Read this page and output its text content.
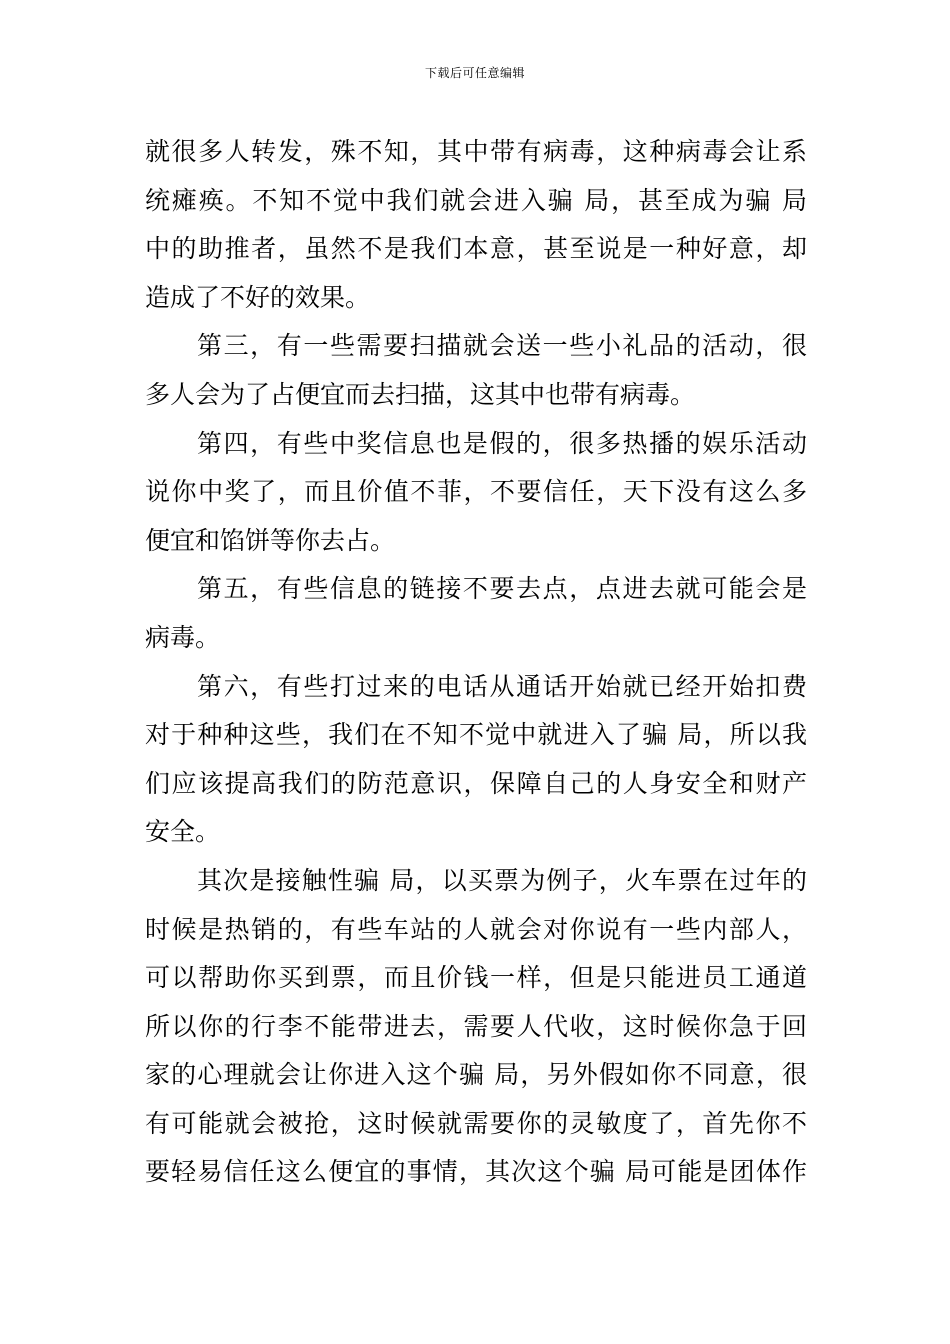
下载后可任意编辑
就很多人转发，殊不知，其中带有病毒，这种病毒会让系
统瘫痪。不知不觉中我们就会进入骗 局，甚至成为骗 局
中的助推者，虽然不是我们本意，甚至说是一种好意，却
造成了不好的效果。
第三，有一些需要扫描就会送一些小礼品的活动，很
多人会为了占便宜而去扫描，这其中也带有病毒。
第四，有些中奖信息也是假的，很多热播的娱乐活动
说你中奖了，而且价值不菲，不要信任，天下没有这么多
便宜和馅饼等你去占。
第五，有些信息的链接不要去点，点进去就可能会是
病毒。
第六，有些打过来的电话从通话开始就已经开始扣费
对于种种这些，我们在不知不觉中就进入了骗 局，所以我
们应该提高我们的防范意识，保障自己的人身安全和财产
安全。
其次是接触性骗 局，以买票为例子，火车票在过年的
时候是热销的，有些车站的人就会对你说有一些内部人，
可以帮助你买到票，而且价钱一样，但是只能进员工通道
所以你的行李不能带进去，需要人代收，这时候你急于回
家的心理就会让你进入这个骗 局，另外假如你不同意，很
有可能就会被抢，这时候就需要你的灵敏度了，首先你不
要轻易信任这么便宜的事情，其次这个骗 局可能是团体作
